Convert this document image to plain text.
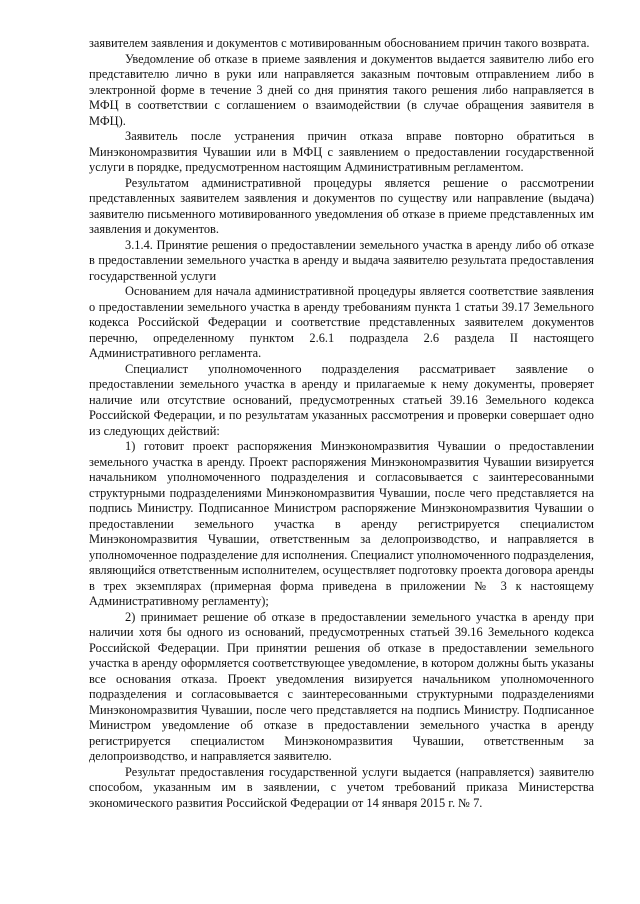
заявителем заявления и документов с мотивированным обоснованием причин такого возврата.

Уведомление об отказе в приеме заявления и документов выдается заявителю либо его представителю лично в руки или направляется заказным почтовым отправлением либо в электронной форме в течение 3 дней со дня принятия такого решения либо направляется в МФЦ в соответствии с соглашением о взаимодействии (в случае обращения заявителя в МФЦ).

Заявитель после устранения причин отказа вправе повторно обратиться в Минэкономразвития Чувашии или в МФЦ с заявлением о предоставлении государственной услуги в порядке, предусмотренном настоящим Административным регламентом.

Результатом административной процедуры является решение о рассмотрении представленных заявителем заявления и документов по существу или направление (выдача) заявителю письменного мотивированного уведомления об отказе в приеме представленных им заявления и документов.

3.1.4. Принятие решения о предоставлении земельного участка в аренду либо об отказе в предоставлении земельного участка в аренду и выдача заявителю результата предоставления государственной услуги

Основанием для начала административной процедуры является соответствие заявления о предоставлении земельного участка в аренду требованиям пункта 1 статьи 39.17 Земельного кодекса Российской Федерации и соответствие представленных заявителем документов перечню, определенному пунктом 2.6.1 подраздела 2.6 раздела II настоящего Административного регламента.

Специалист уполномоченного подразделения рассматривает заявление о предоставлении земельного участка в аренду и прилагаемые к нему документы, проверяет наличие или отсутствие оснований, предусмотренных статьей 39.16 Земельного кодекса Российской Федерации, и по результатам указанных рассмотрения и проверки совершает одно из следующих действий:

1) готовит проект распоряжения Минэкономразвития Чувашии о предоставлении земельного участка в аренду. Проект распоряжения Минэкономразвития Чувашии визируется начальником уполномоченного подразделения и согласовывается с заинтересованными структурными подразделениями Минэкономразвития Чувашии, после чего представляется на подпись Министру. Подписанное Министром распоряжение Минэкономразвития Чувашии о предоставлении земельного участка в аренду регистрируется специалистом Минэкономразвития Чувашии, ответственным за делопроизводство, и направляется в уполномоченное подразделение для исполнения. Специалист уполномоченного подразделения, являющийся ответственным исполнителем, осуществляет подготовку проекта договора аренды в трех экземплярах (примерная форма приведена в приложении № 3 к настоящему Административному регламенту);

2) принимает решение об отказе в предоставлении земельного участка в аренду при наличии хотя бы одного из оснований, предусмотренных статьей 39.16 Земельного кодекса Российской Федерации. При принятии решения об отказе в предоставлении земельного участка в аренду оформляется соответствующее уведомление, в котором должны быть указаны все основания отказа. Проект уведомления визируется начальником уполномоченного подразделения и согласовывается с заинтересованными структурными подразделениями Минэкономразвития Чувашии, после чего представляется на подпись Министру. Подписанное Министром уведомление об отказе в предоставлении земельного участка в аренду регистрируется специалистом Минэкономразвития Чувашии, ответственным за делопроизводство, и направляется заявителю.

Результат предоставления государственной услуги выдается (направляется) заявителю способом, указанным им в заявлении, с учетом требований приказа Министерства экономического развития Российской Федерации от 14 января 2015 г. № 7.
